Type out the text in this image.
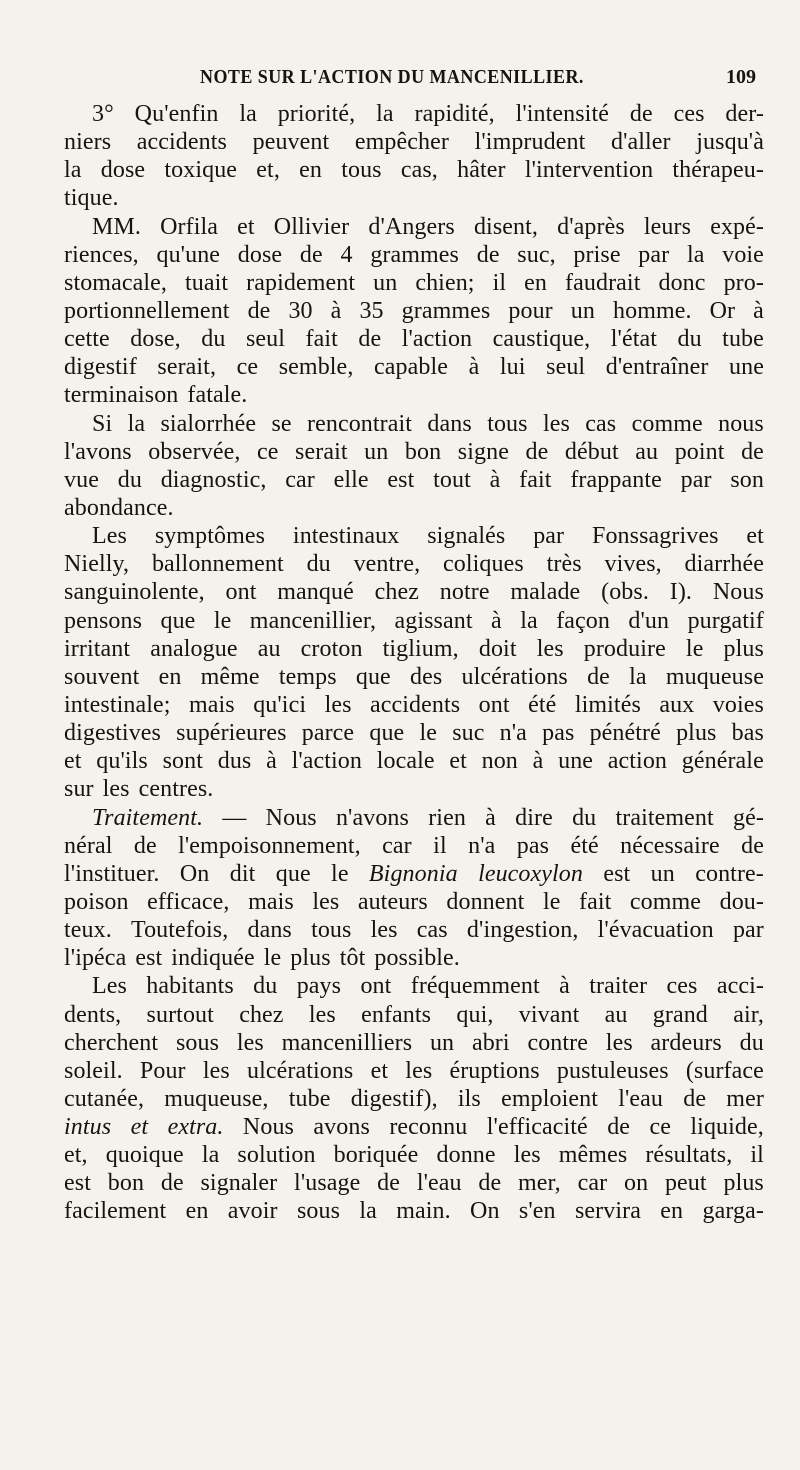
NOTE SUR L'ACTION DU MANCENILLIER.	109
3° Qu'enfin la priorité, la rapidité, l'intensité de ces der-
niers accidents peuvent empêcher l'imprudent d'aller jusqu'à
la dose toxique et, en tous cas, hâter l'intervention thérapeu-
tique.
MM. Orfila et Ollivier d'Angers disent, d'après leurs expé-
riences, qu'une dose de 4 grammes de suc, prise par la voie
stomacale, tuait rapidement un chien; il en faudrait donc pro-
portionnellement de 30 à 35 grammes pour un homme. Or à
cette dose, du seul fait de l'action caustique, l'état du tube
digestif serait, ce semble, capable à lui seul d'entraîner une
terminaison fatale.
Si la sialorrhée se rencontrait dans tous les cas comme nous
l'avons observée, ce serait un bon signe de début au point de
vue du diagnostic, car elle est tout à fait frappante par son
abondance.
Les symptômes intestinaux signalés par Fonssagrives et
Nielly, ballonnement du ventre, coliques très vives, diarrhée
sanguinolente, ont manqué chez notre malade (obs. I). Nous
pensons que le mancenillier, agissant à la façon d'un purgatif
irritant analogue au croton tiglium, doit les produire le plus
souvent en même temps que des ulcérations de la muqueuse
intestinale; mais qu'ici les accidents ont été limités aux voies
digestives supérieures parce que le suc n'a pas pénétré plus bas
et qu'ils sont dus à l'action locale et non à une action générale
sur les centres.
Traitement. — Nous n'avons rien à dire du traitement gé-
néral de l'empoisonnement, car il n'a pas été nécessaire de
l'instituer. On dit que le Bignonia leucoxylon est un contre-
poison efficace, mais les auteurs donnent le fait comme dou-
teux. Toutefois, dans tous les cas d'ingestion, l'évacuation par
l'ipéca est indiquée le plus tôt possible.
Les habitants du pays ont fréquemment à traiter ces acci-
dents, surtout chez les enfants qui, vivant au grand air,
cherchent sous les mancenilliers un abri contre les ardeurs du
soleil. Pour les ulcérations et les éruptions pustuleuses (surface
cutanée, muqueuse, tube digestif), ils emploient l'eau de mer
intus et extra. Nous avons reconnu l'efficacité de ce liquide,
et, quoique la solution boriquée donne les mêmes résultats, il
est bon de signaler l'usage de l'eau de mer, car on peut plus
facilement en avoir sous la main. On s'en servira en garga-
